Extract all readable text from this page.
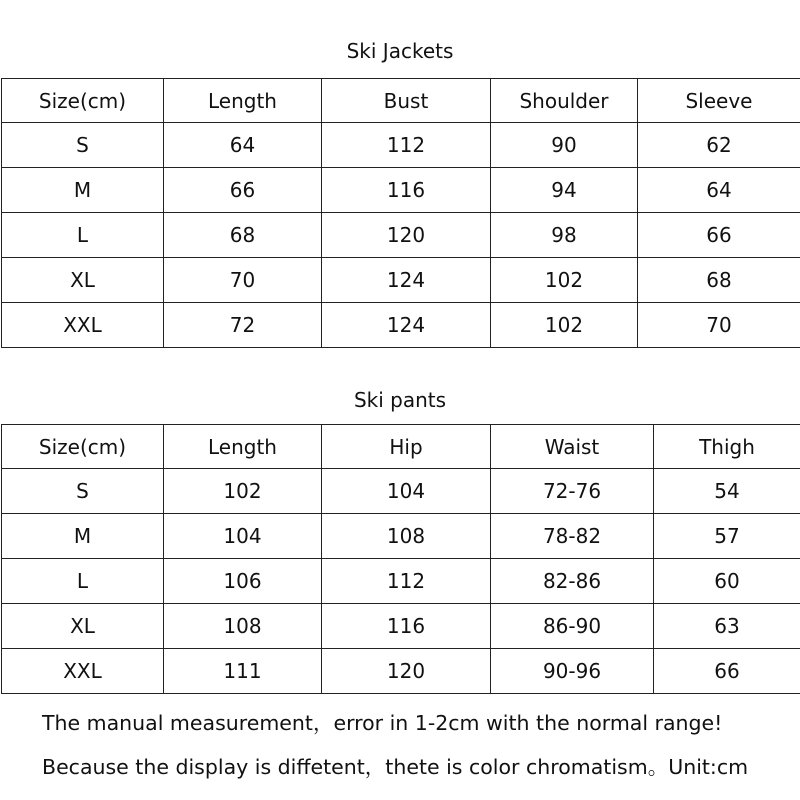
Ski Jackets
Size(cm)	Length	Bust	Shoulder	Sleeve
S	64	112	90	62
M	66	116	94	64
L	68	120	98	66
XL	70	124	102	68
XXL	72	124	102	70
Ski pants
Size(cm)	Length	Hip	Waist	Thigh
S	102	104	72-76	54
M	104	108	78-82	57
L	106	112	82-86	60
XL	108	116	86-90	63
XXL	111	120	90-96	66
The manual measurement，error in 1-2cm with the normal range!
Because the display is diffetent，thete is color chromatism。Unit:cm
